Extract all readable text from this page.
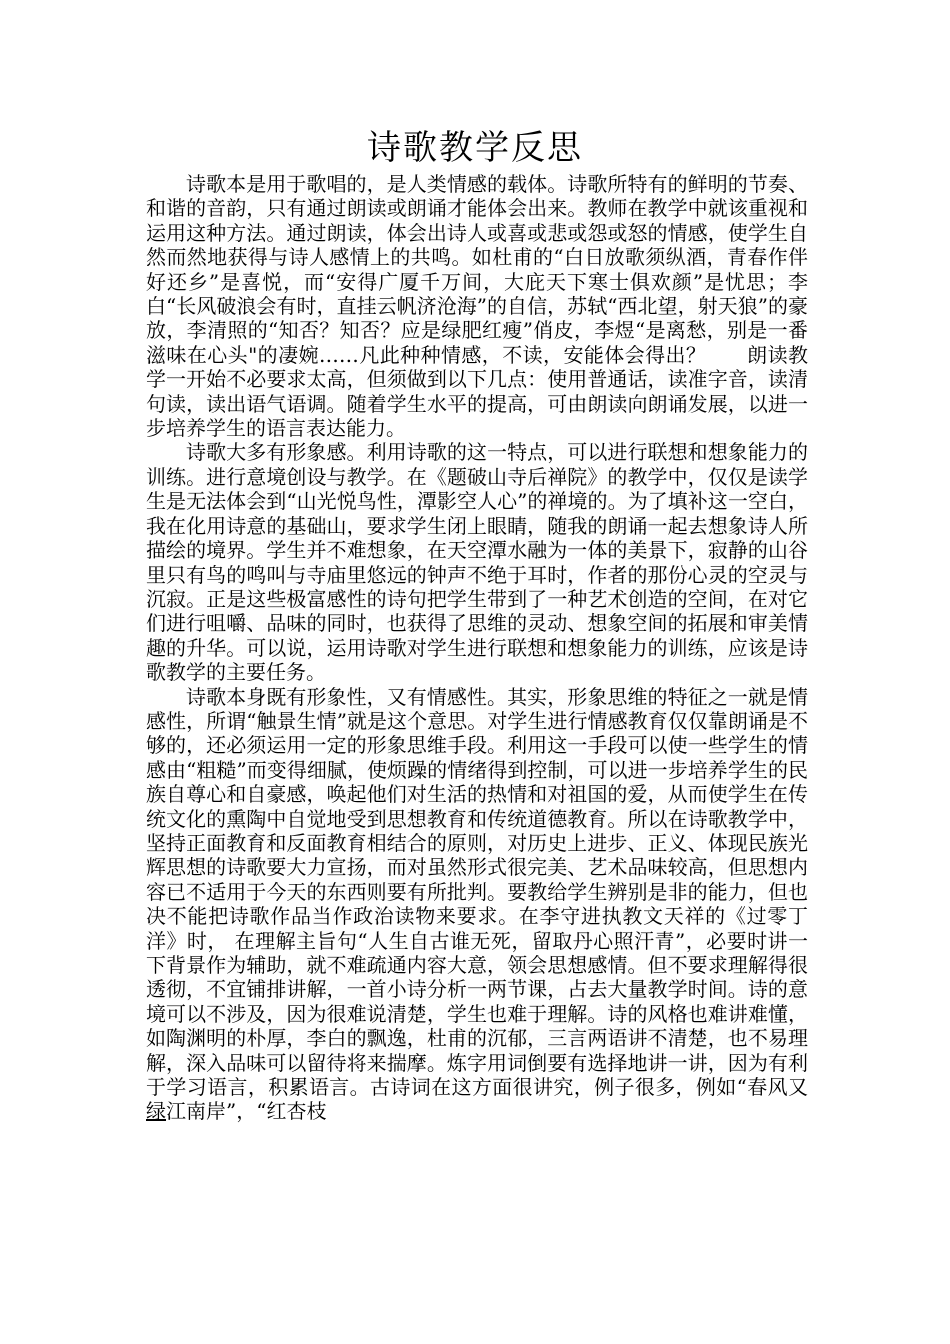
诗歌教学反思

诗歌本是用于歌唱的，是人类情感的载体。诗歌所特有的鲜明的节奏、和谐的音韵，只有通过朗读或朗诵才能体会出来。教师在教学中就该重视和运用这种方法。通过朗读，体会出诗人或喜或悲或怨或怒的情感，使学生自然而然地获得与诗人感情上的共鸣。如杜甫的“白日放歌须纵酒，青春作伴好还乡”是喜悦，而“安得广厦千万间，大庇天下寒士俱欢颜”是忧思；李白“长风破浪会有时，直挂云帆济沧海”的自信，苏轼“西北望，射天狼”的豪放，李清照的“知否？知否？应是绿肥红瘦”俏皮，李煜“是离愁，别是一番滋味在心头"的凄婉……凡此种种情感，不读，安能体会得出？　　朗读教学一开始不必要求太高，但须做到以下几点：使用普通话，读准字音，读清句读，读出语气语调。随着学生水平的提高，可由朗读向朗诵发展，以进一步培养学生的语言表达能力。

诗歌大多有形象感。利用诗歌的这一特点，可以进行联想和想象能力的训练。进行意境创设与教学。在《题破山寺后禅院》的教学中，仅仅是读学生是无法体会到“山光悦鸟性，潭影空人心”的禅境的。为了填补这一空白，我在化用诗意的基础山，要求学生闭上眼睛，随我的朗诵一起去想象诗人所描绘的境界。学生并不难想象，在天空潭水融为一体的美景下，寂静的山谷里只有鸟的鸣叫与寺庙里悠远的钟声不绝于耳时，作者的那份心灵的空灵与沉寂。正是这些极富感性的诗句把学生带到了一种艺术创造的空间，在对它们进行咀嚼、品味的同时，也获得了思维的灵动、想象空间的拓展和审美情趣的升华。可以说，运用诗歌对学生进行联想和想象能力的训练，应该是诗歌教学的主要任务。

诗歌本身既有形象性，又有情感性。其实，形象思维的特征之一就是情感性，所谓“触景生情”就是这个意思。对学生进行情感教育仅仅靠朗诵是不够的，还必须运用一定的形象思维手段。利用这一手段可以使一些学生的情感由“粗糙”而变得细腻，使烦躁的情绪得到控制，可以进一步培养学生的民族自尊心和自豪感，唤起他们对生活的热情和对祖国的爱，从而使学生在传统文化的熏陶中自觉地受到思想教育和传统道德教育。所以在诗歌教学中，坚持正面教育和反面教育相结合的原则，对历史上进步、正义、体现民族光辉思想的诗歌要大力宣扬，而对虽然形式很完美、艺术品味较高，但思想内容已不适用于今天的东西则要有所批判。要教给学生辨别是非的能力，但也决不能把诗歌作品当作政治读物来要求。在李守进执教文天祥的《过零丁洋》时， 在理解主旨句“人生自古谁无死，留取丹心照汗青”，必要时讲一下背景作为辅助，就不难疏通内容大意，领会思想感情。但不要求理解得很透彻，不宜铺排讲解，一首小诗分析一两节课，占去大量教学时间。诗的意境可以不涉及，因为很难说清楚，学生也难于理解。诗的风格也难讲难懂，如陶渊明的朴厚，李白的飘逸，杜甫的沉郁，三言两语讲不清楚，也不易理解，深入品味可以留待将来揣摩。炼字用词倒要有选择地讲一讲，因为有利于学习语言，积累语言。古诗词在这方面很讲究，例子很多，例如“春风又绿江南岸”，“红杏枝
